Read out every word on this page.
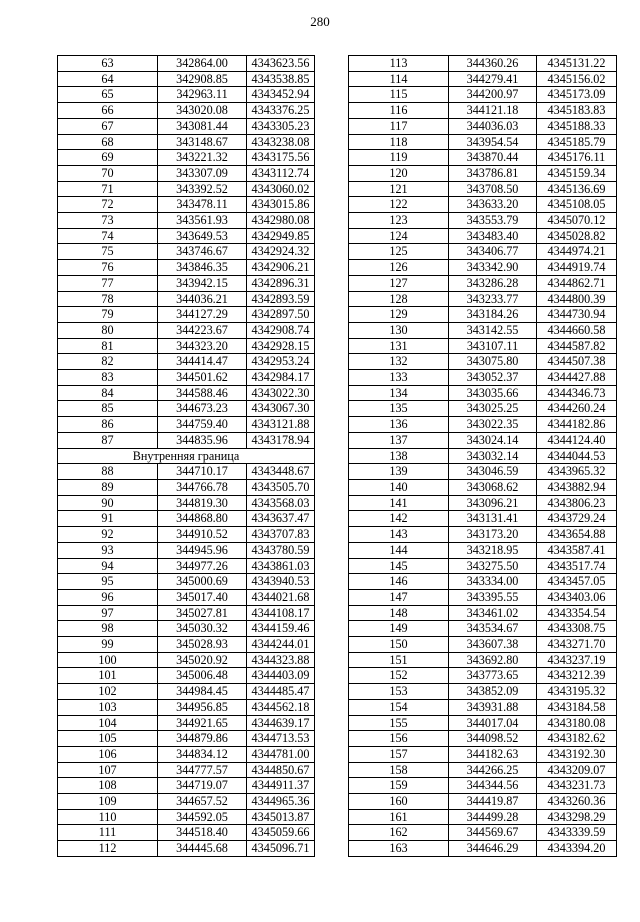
280
63	342864.00	4343623.56
64	342908.85	4343538.85
65	342963.11	4343452.94
66	343020.08	4343376.25
67	343081.44	4343305.23
68	343148.67	4343238.08
69	343221.32	4343175.56
70	343307.09	4343112.74
71	343392.52	4343060.02
72	343478.11	4343015.86
73	343561.93	4342980.08
74	343649.53	4342949.85
75	343746.67	4342924.32
76	343846.35	4342906.21
77	343942.15	4342896.31
78	344036.21	4342893.59
79	344127.29	4342897.50
80	344223.67	4342908.74
81	344323.20	4342928.15
82	344414.47	4342953.24
83	344501.62	4342984.17
84	344588.46	4343022.30
85	344673.23	4343067.30
86	344759.40	4343121.88
87	344835.96	4343178.94
Внутренняя граница		
88	344710.17	4343448.67
89	344766.78	4343505.70
90	344819.30	4343568.03
91	344868.80	4343637.47
92	344910.52	4343707.83
93	344945.96	4343780.59
94	344977.26	4343861.03
95	345000.69	4343940.53
96	345017.40	4344021.68
97	345027.81	4344108.17
98	345030.32	4344159.46
99	345028.93	4344244.01
100	345020.92	4344323.88
101	345006.48	4344403.09
102	344984.45	4344485.47
103	344956.85	4344562.18
104	344921.65	4344639.17
105	344879.86	4344713.53
106	344834.12	4344781.00
107	344777.57	4344850.67
108	344719.07	4344911.37
109	344657.52	4344965.36
110	344592.05	4345013.87
111	344518.40	4345059.66
112	344445.68	4345096.71
113	344360.26	4345131.22
114	344279.41	4345156.02
115	344200.97	4345173.09
116	344121.18	4345183.83
117	344036.03	4345188.33
118	343954.54	4345185.79
119	343870.44	4345176.11
120	343786.81	4345159.34
121	343708.50	4345136.69
122	343633.20	4345108.05
123	343553.79	4345070.12
124	343483.40	4345028.82
125	343406.77	4344974.21
126	343342.90	4344919.74
127	343286.28	4344862.71
128	343233.77	4344800.39
129	343184.26	4344730.94
130	343142.55	4344660.58
131	343107.11	4344587.82
132	343075.80	4344507.38
133	343052.37	4344427.88
134	343035.66	4344346.73
135	343025.25	4344260.24
136	343022.35	4344182.86
137	343024.14	4344124.40
138	343032.14	4344044.53
139	343046.59	4343965.32
140	343068.62	4343882.94
141	343096.21	4343806.23
142	343131.41	4343729.24
143	343173.20	4343654.88
144	343218.95	4343587.41
145	343275.50	4343517.74
146	343334.00	4343457.05
147	343395.55	4343403.06
148	343461.02	4343354.54
149	343534.67	4343308.75
150	343607.38	4343271.70
151	343692.80	4343237.19
152	343773.65	4343212.39
153	343852.09	4343195.32
154	343931.88	4343184.58
155	344017.04	4343180.08
156	344098.52	4343182.62
157	344182.63	4343192.30
158	344266.25	4343209.07
159	344344.56	4343231.73
160	344419.87	4343260.36
161	344499.28	4343298.29
162	344569.67	4343339.59
163	344646.29	4343394.20
